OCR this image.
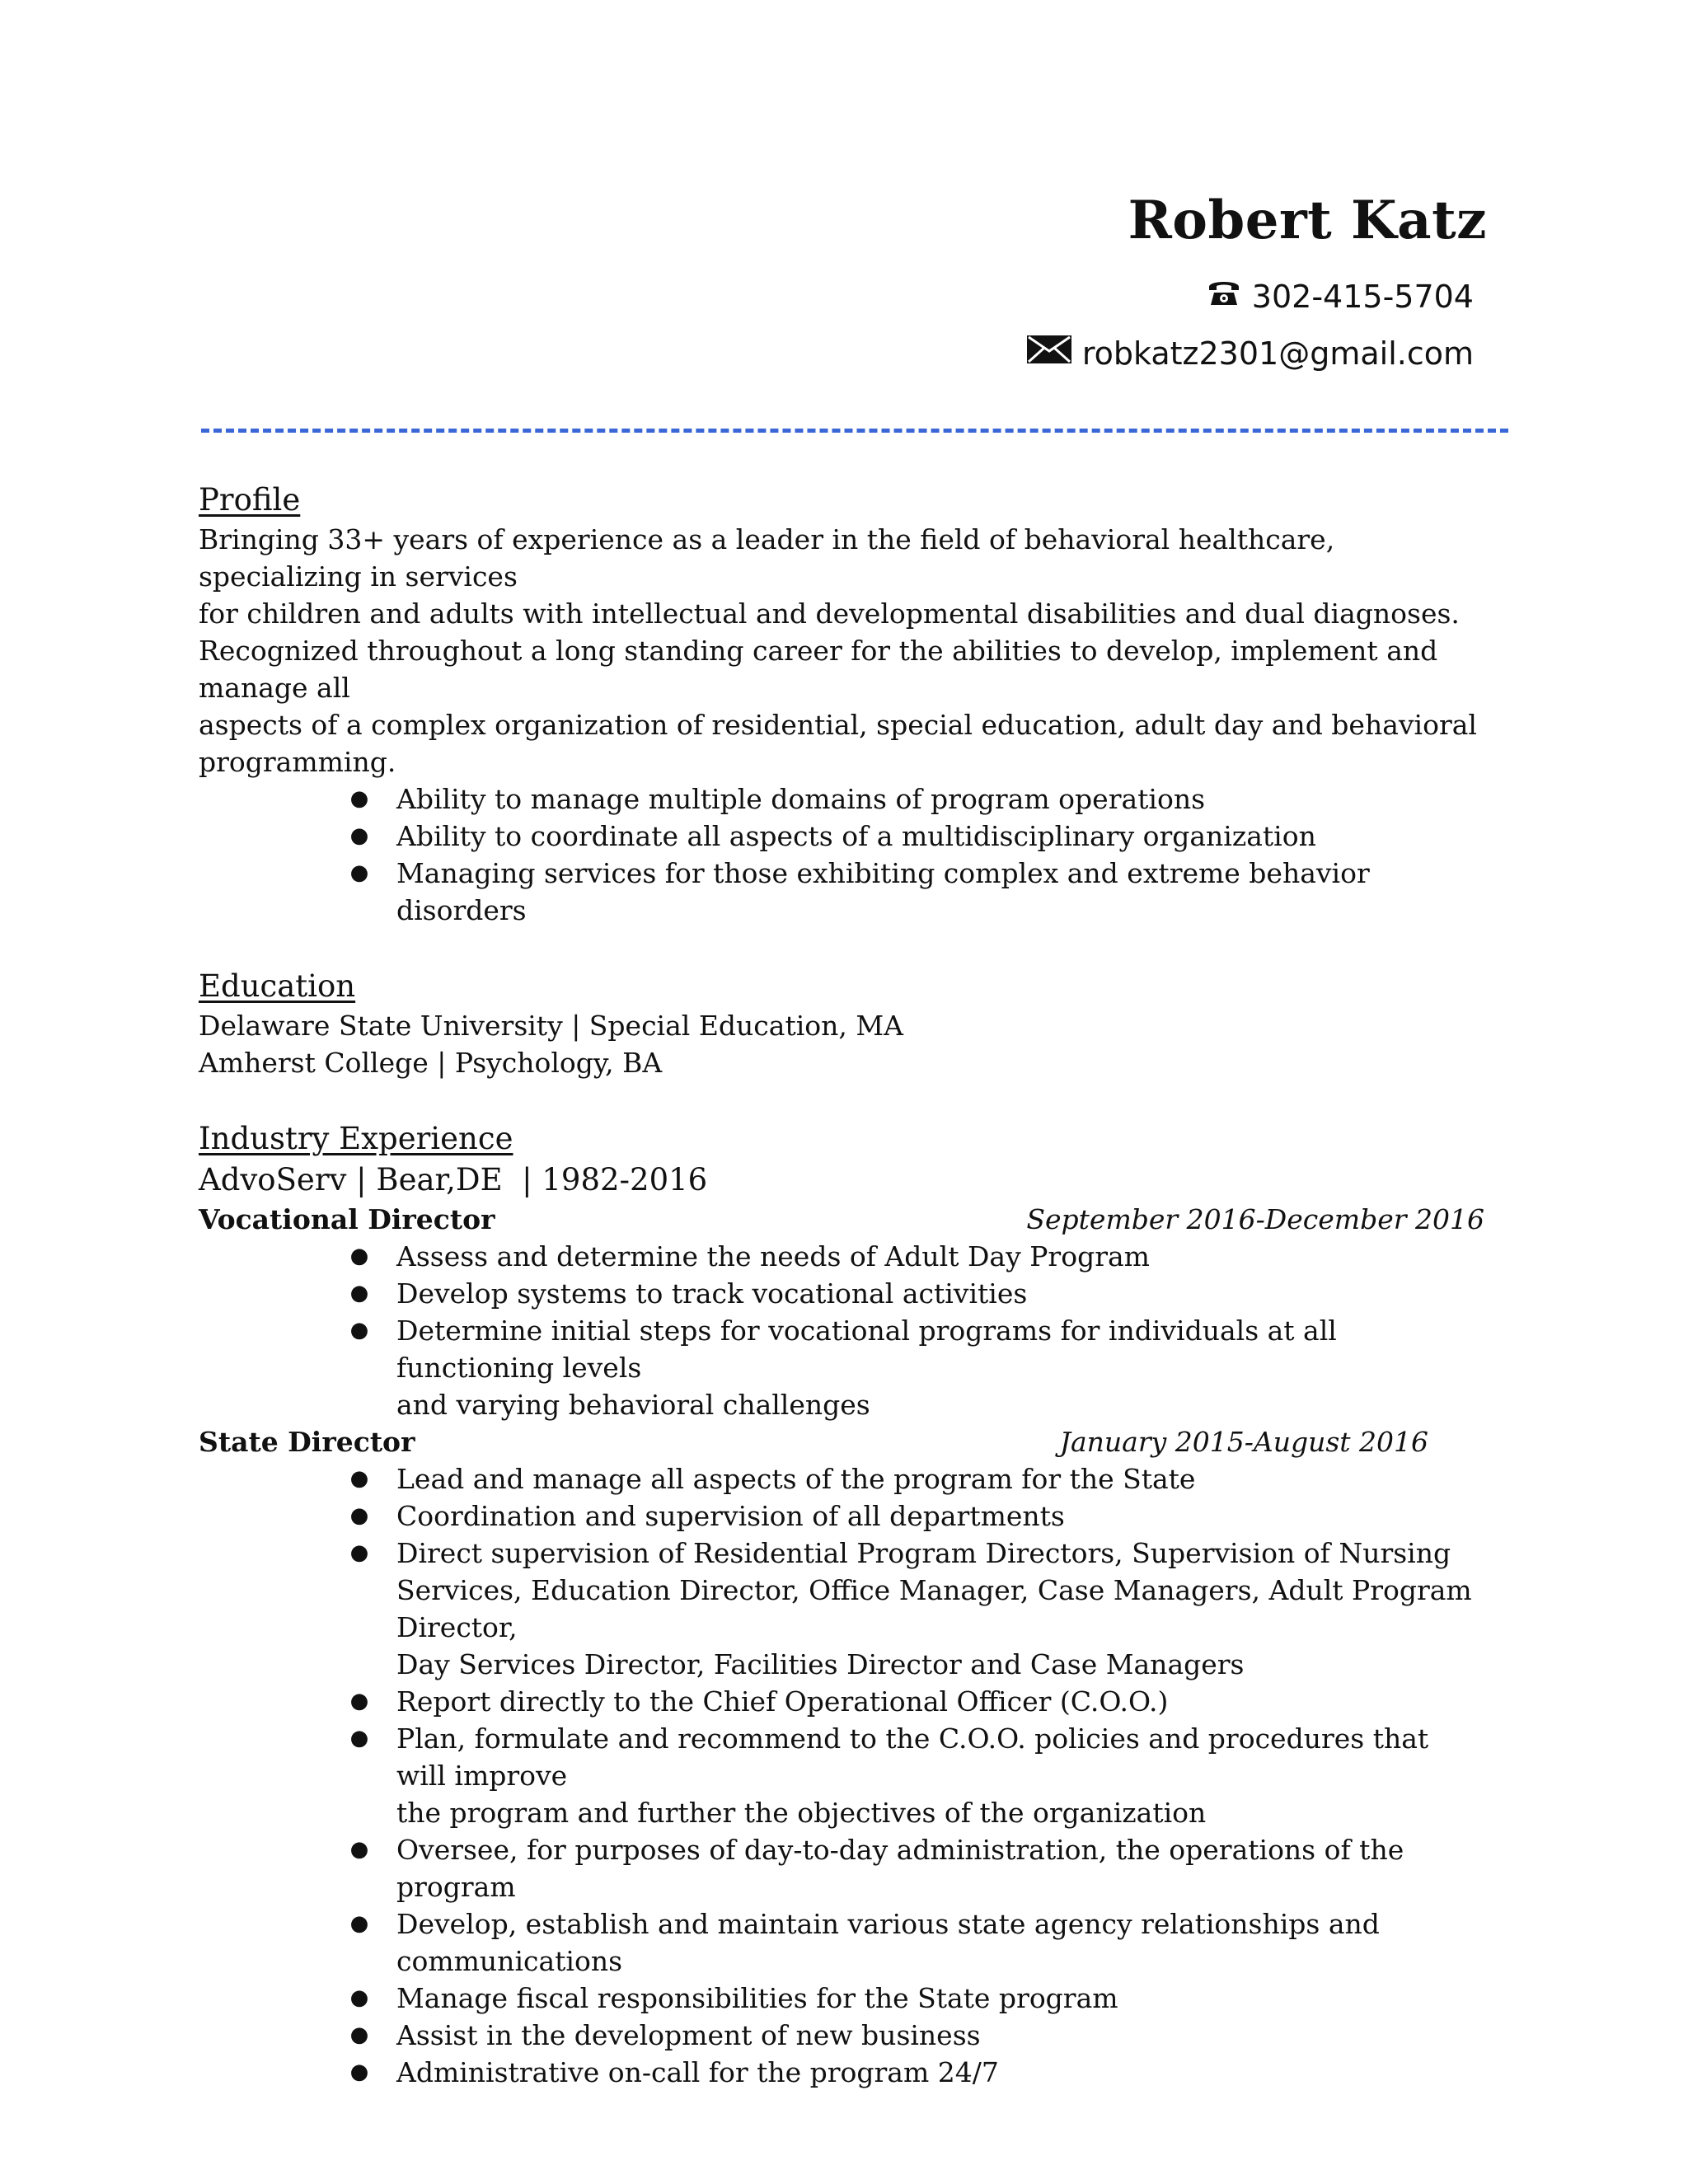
Robert Katz
302-415-5704
robkatz2301@gmail.com
Profile

Bringing 33+ years of experience as a leader in the field of behavioral healthcare, specializing in services

for children and adults with intellectual and developmental disabilities and dual diagnoses.

Recognized throughout a long standing career for the abilities to develop, implement and manage all

aspects of a complex organization of residential, special education, adult day and behavioral

programming.

● Ability to manage multiple domains of program operations
● Ability to coordinate all aspects of a multidisciplinary organization
● Managing services for those exhibiting complex and extreme behavior disorders
Education

Delaware State University | Special Education, MA

Amherst College | Psychology, BA

Industry Experience

AdvoServ | Bear,DE  | 1982-2016

Vocational Director	September 2016-December 2016
● Assess and determine the needs of Adult Day Program
● Develop systems to track vocational activities
● Determine initial steps for vocational programs for individuals at all functioning levels
and varying behavioral challenges
State Director	January 2015-August 2016
● Lead and manage all aspects of the program for the State
● Coordination and supervision of all departments
● Direct supervision of Residential Program Directors, Supervision of Nursing
Services, Education Director, Office Manager, Case Managers, Adult Program Director,
Day Services Director, Facilities Director and Case Managers
● Report directly to the Chief Operational Officer (C.O.O.)
● Plan, formulate and recommend to the C.O.O. policies and procedures that will improve
the program and further the objectives of the organization
● Oversee, for purposes of day-to-day administration, the operations of the program
● Develop, establish and maintain various state agency relationships and
communications
● Manage fiscal responsibilities for the State program
● Assist in the development of new business
● Administrative on-call for the program 24/7
